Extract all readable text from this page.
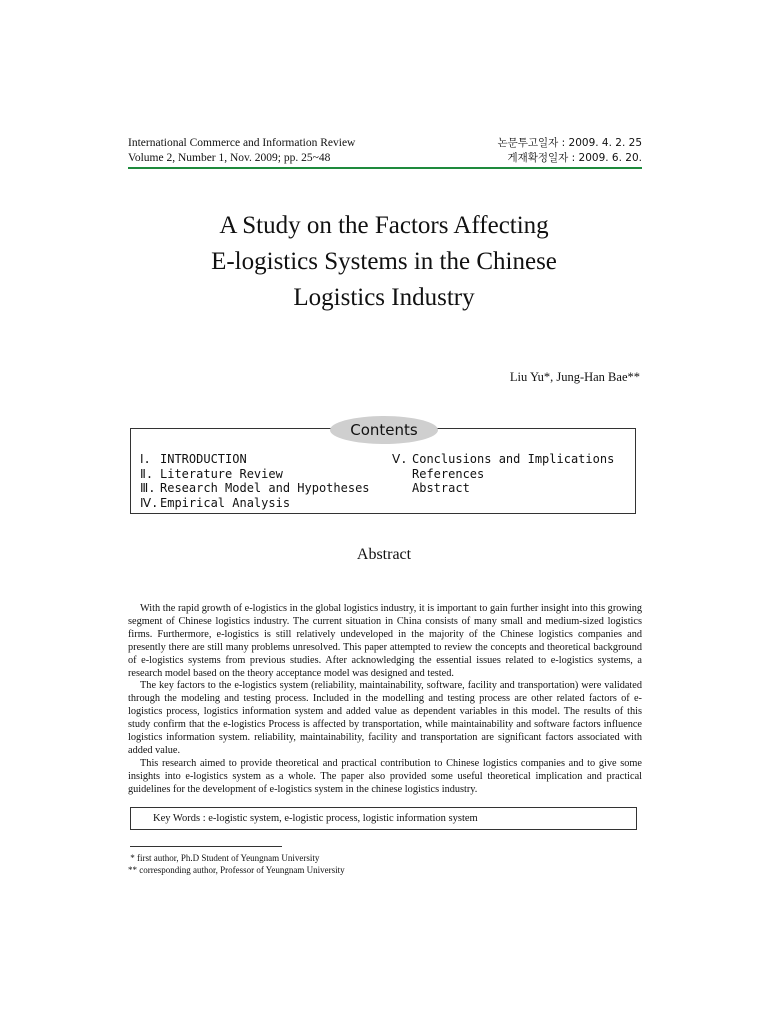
International Commerce and Information Review	논문투고일자 : 2009. 4. 2. 25
Volume 2, Number 1, Nov. 2009; pp. 25~48	게재확정일자 : 2009. 6. 20.
A Study on the Factors Affecting
E-logistics Systems in the Chinese
Logistics Industry
Liu Yu*, Jung-Han Bae**
Contents
Ⅰ. INTRODUCTION
Ⅱ. Literature Review
Ⅲ. Research Model and Hypotheses
Ⅳ. Empirical Analysis
Ⅴ. Conclusions and Implications
References
Abstract
Abstract

With the rapid growth of e-logistics in the global logistics industry, it is important to gain further insight into this growing segment of Chinese logistics industry. The current situation in China consists of many small and medium-sized logistics firms. Furthermore, e-logistics is still relatively undeveloped in the majority of the Chinese logistics companies and presently there are still many problems unresolved. This paper attempted to review the concepts and theoretical background of e-logistics systems from previous studies. After acknowledging the essential issues related to e-logistics systems, a research model based on the theory acceptance model was designed and tested.

The key factors to the e-logistics system (reliability, maintainability, software, facility and transportation) were validated through the modeling and testing process. Included in the modelling and testing process are other related factors of e-logistics process, logistics information system and added value as dependent variables in this model. The results of this study confirm that the e-logistics Process is affected by transportation, while maintainability and software factors influence logistics information system. reliability, maintainability, facility and transportation are significant factors associated with added value.

This research aimed to provide theoretical and practical contribution to Chinese logistics companies and to give some insights into e-logistics system as a whole. The paper also provided some useful theoretical implication and practical guidelines for the development of e-logistics system in the chinese logistics industry.

Key Words : e-logistic system, e-logistic process, logistic information system
* first author, Ph.D Student of Yeungnam University
** corresponding author, Professor of Yeungnam University
